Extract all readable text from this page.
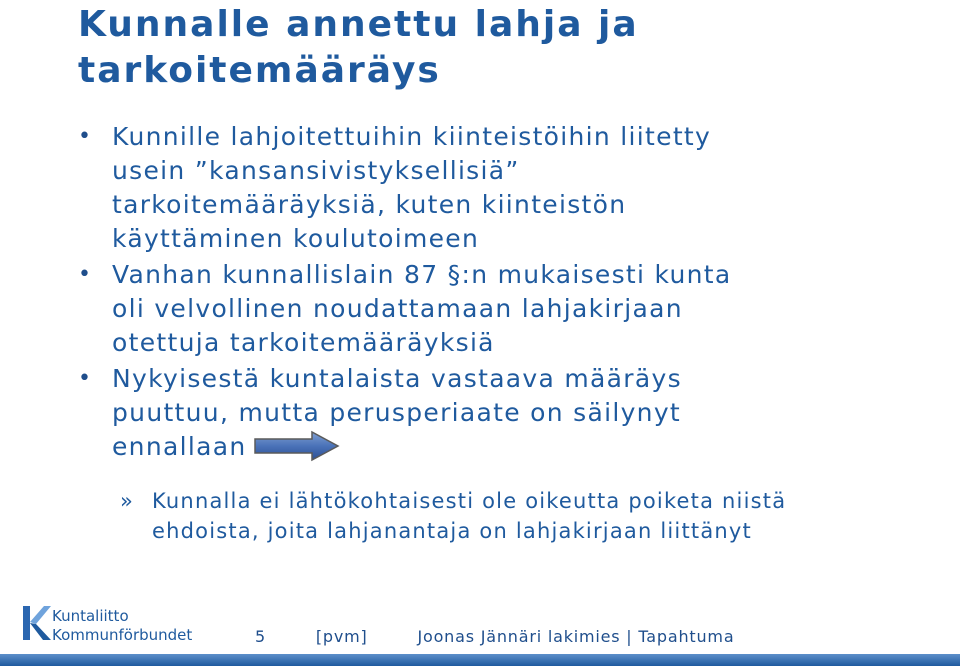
Kunnalle annettu lahja ja
tarkoitemääräys
• Kunnille lahjoitettuihin kiinteistöihin liitetty
usein ”kansansivistyksellisiä”
tarkoitemääräyksiä, kuten kiinteistön
käyttäminen koulutoimeen
• Vanhan kunnallislain 87 §:n mukaisesti kunta
oli velvollinen noudattamaan lahjakirjaan
otettuja tarkoitemääräyksiä
• Nykyisestä kuntalaista vastaava määräys
puuttuu, mutta perusperiaate on säilynyt
ennallaan
» Kunnalla ei lähtökohtaisesti ole oikeutta poiketa niistä
ehdoista, joita lahjanantaja on lahjakirjaan liittänyt
Kuntaliitto
Kommunförbundet	5	[pvm]	Joonas Jännäri lakimies | Tapahtuma
